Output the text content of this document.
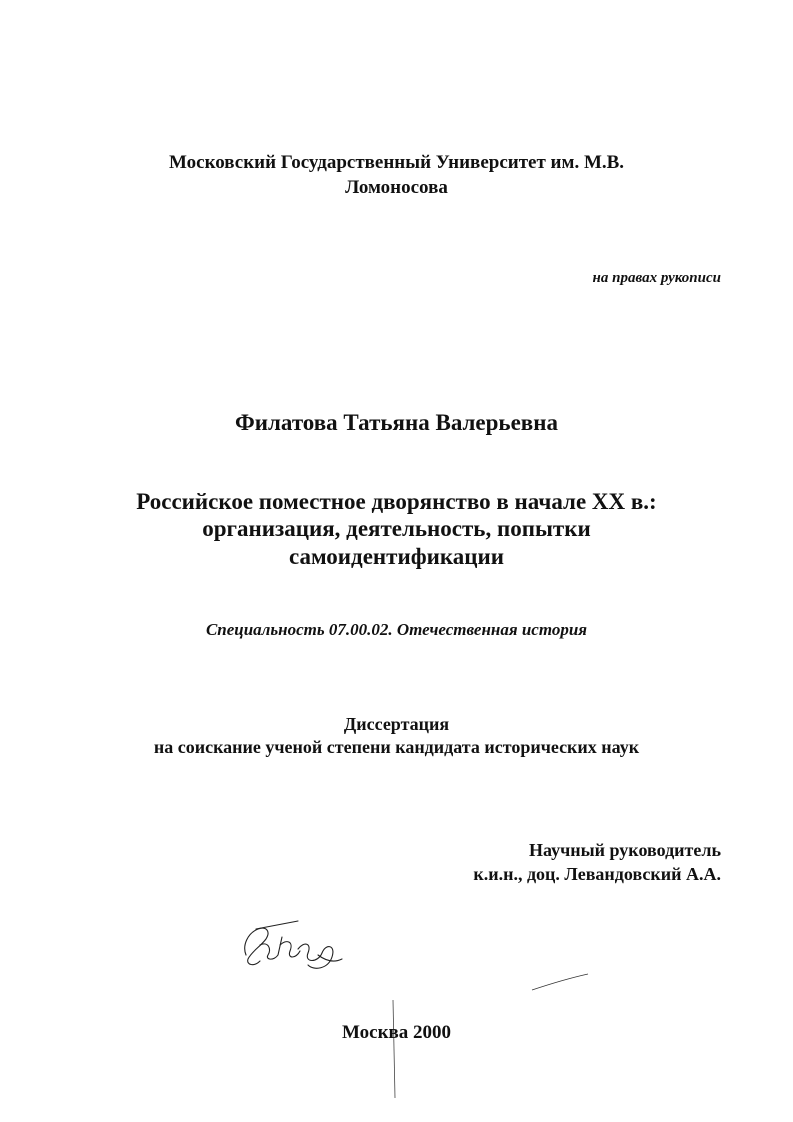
Московский Государственный Университет им. М.В.
Ломоносова
на правах рукописи
Филатова Татьяна Валерьевна
Российское поместное дворянство в начале XX в.:
организация, деятельность, попытки
самоидентификации
Специальность 07.00.02. Отечественная история
Диссертация
на соискание ученой степени кандидата исторических наук
Научный руководитель
к.и.н., доц. Левандовский А.А.
Москва 2000
